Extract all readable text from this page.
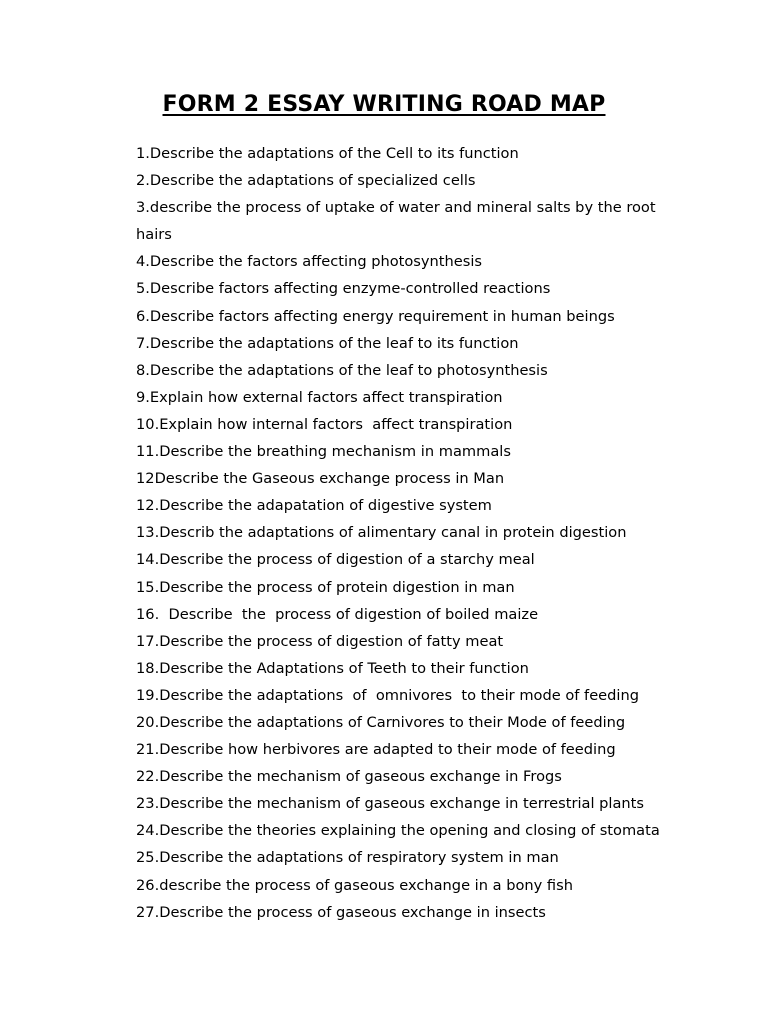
FORM 2 ESSAY WRITING ROAD MAP
1.Describe the adaptations of the Cell to its function
2.Describe the adaptations of specialized cells
3.describe the process of uptake of water and mineral salts by the root hairs
4.Describe the factors affecting photosynthesis
5.Describe factors affecting enzyme-controlled reactions
6.Describe factors affecting energy requirement in human beings
7.Describe the adaptations of the leaf to its function
8.Describe the adaptations of the leaf to photosynthesis
9.Explain how external factors affect transpiration
10.Explain how internal factors  affect transpiration
11.Describe the breathing mechanism in mammals
12Describe the Gaseous exchange process in Man
12.Describe the adapatation of digestive system
13.Describ the adaptations of alimentary canal in protein digestion
14.Describe the process of digestion of a starchy meal
15.Describe the process of protein digestion in man
16.  Describe  the  process of digestion of boiled maize
17.Describe the process of digestion of fatty meat
18.Describe the Adaptations of Teeth to their function
19.Describe the adaptations  of  omnivores  to their mode of feeding
20.Describe the adaptations of Carnivores to their Mode of feeding
21.Describe how herbivores are adapted to their mode of feeding
22.Describe the mechanism of gaseous exchange in Frogs
23.Describe the mechanism of gaseous exchange in terrestrial plants
24.Describe the theories explaining the opening and closing of stomata
25.Describe the adaptations of respiratory system in man
26.describe the process of gaseous exchange in a bony fish
27.Describe the process of gaseous exchange in insects
